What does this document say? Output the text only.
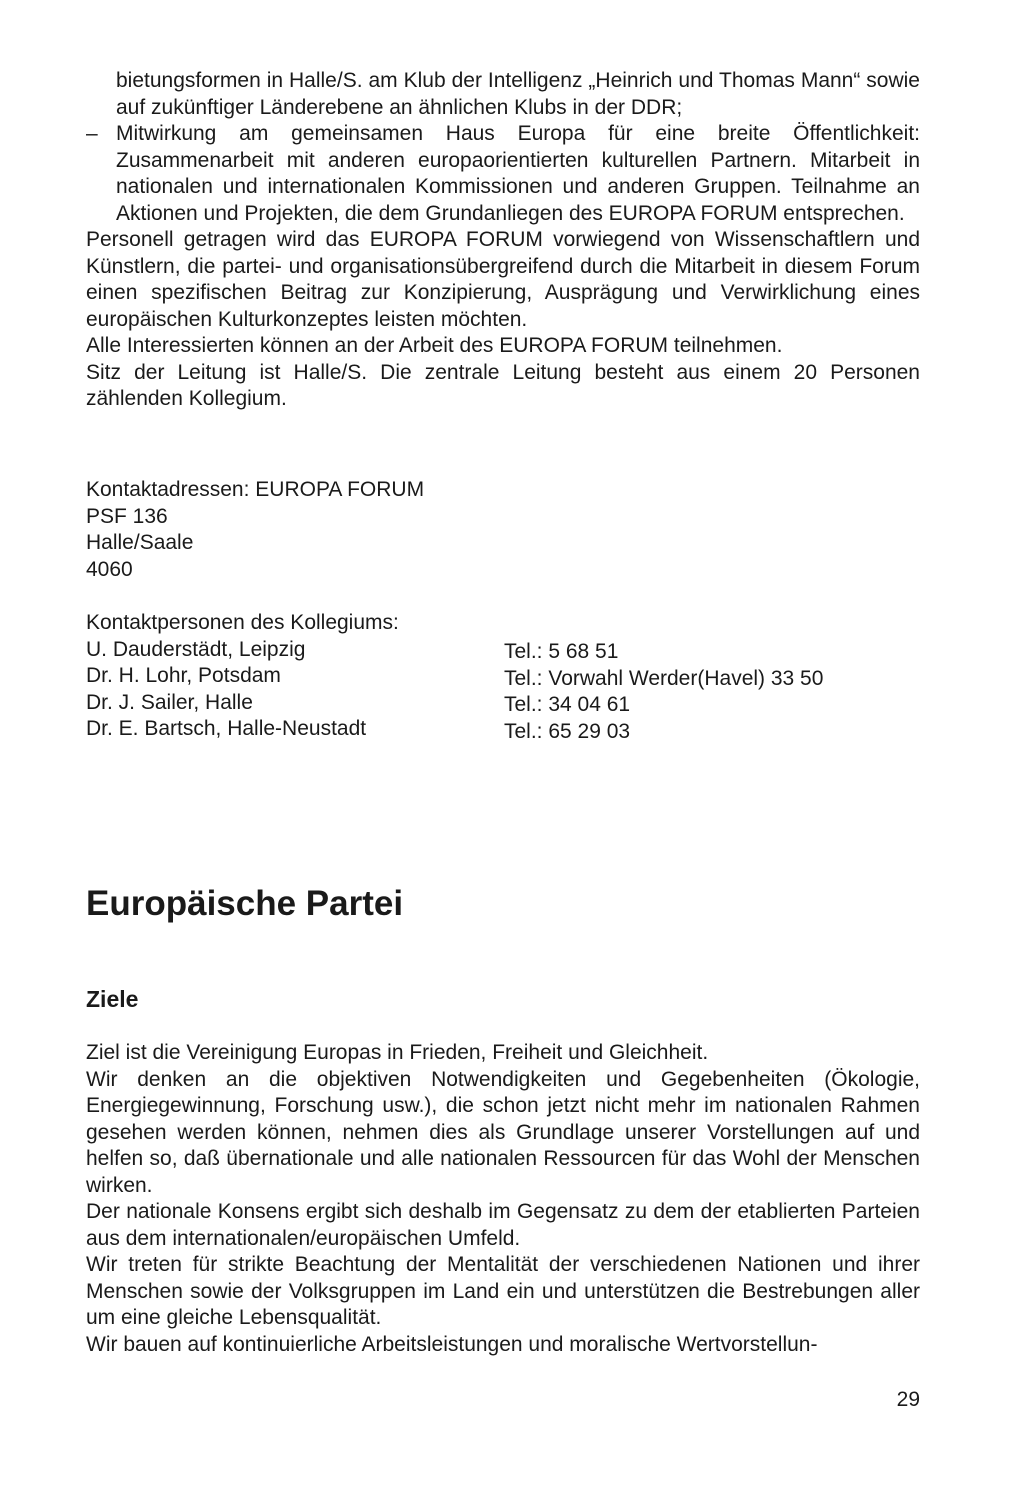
bietungsformen in Halle/S. am Klub der Intelligenz „Heinrich und Thomas Mann“ sowie auf zukünftiger Länderebene an ähnlichen Klubs in der DDR;

– Mitwirkung am gemeinsamen Haus Europa für eine breite Öffentlichkeit: Zusammenarbeit mit anderen europaorientierten kulturellen Partnern. Mitarbeit in nationalen und internationalen Kommissionen und anderen Gruppen. Teilnahme an Aktionen und Projekten, die dem Grundanliegen des EUROPA FORUM entsprechen.

Personell getragen wird das EUROPA FORUM vorwiegend von Wissenschaftlern und Künstlern, die partei- und organisationsübergreifend durch die Mitarbeit in diesem Forum einen spezifischen Beitrag zur Konzipierung, Ausprägung und Verwirklichung eines europäischen Kulturkonzeptes leisten möchten.

Alle Interessierten können an der Arbeit des EUROPA FORUM teilnehmen.

Sitz der Leitung ist Halle/S. Die zentrale Leitung besteht aus einem 20 Personen zählenden Kollegium.

Kontaktadressen: EUROPA FORUM
PSF 136
Halle/Saale
4060
Kontaktpersonen des Kollegiums:
U. Dauderstädt, Leipzig	Tel.: 5 68 51
Dr. H. Lohr, Potsdam	Tel.: Vorwahl Werder(Havel) 33 50
Dr. J. Sailer, Halle	Tel.: 34 04 61
Dr. E. Bartsch, Halle-Neustadt	Tel.: 65 29 03
Europäische Partei
Ziele

Ziel ist die Vereinigung Europas in Frieden, Freiheit und Gleichheit.

Wir denken an die objektiven Notwendigkeiten und Gegebenheiten (Ökologie, Energiegewinnung, Forschung usw.), die schon jetzt nicht mehr im nationalen Rahmen gesehen werden können, nehmen dies als Grundlage unserer Vorstellungen auf und helfen so, daß übernationale und alle nationalen Ressourcen für das Wohl der Menschen wirken.

Der nationale Konsens ergibt sich deshalb im Gegensatz zu dem der etablierten Parteien aus dem internationalen/europäischen Umfeld.

Wir treten für strikte Beachtung der Mentalität der verschiedenen Nationen und ihrer Menschen sowie der Volksgruppen im Land ein und unterstützen die Bestrebungen aller um eine gleiche Lebensqualität.

Wir bauen auf kontinuierliche Arbeitsleistungen und moralische Wertvorstellun-

29
